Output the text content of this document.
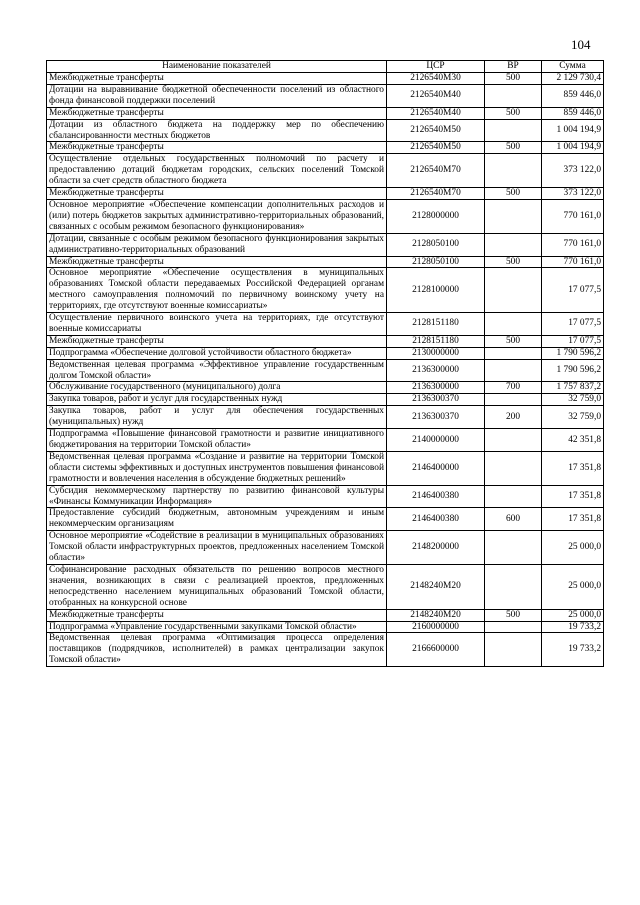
104
Наименование показателей	ЦСР	ВР	Сумма
Межбюджетные трансферты	2126540М30	500	2 129 730,4
Дотации на выравнивание бюджетной обеспеченности поселений из областного фонда финансовой поддержки поселений	2126540М40		859 446,0
Межбюджетные трансферты	2126540М40	500	859 446,0
Дотации из областного бюджета на поддержку мер по обеспечению сбалансированности местных бюджетов	2126540М50		1 004 194,9
Межбюджетные трансферты	2126540М50	500	1 004 194,9
Осуществление отдельных государственных полномочий по расчету и предоставлению дотаций бюджетам городских, сельских поселений Томской области за счет средств областного бюджета	2126540М70		373 122,0
Межбюджетные трансферты	2126540М70	500	373 122,0
Основное мероприятие «Обеспечение компенсации дополнительных расходов и (или) потерь бюджетов закрытых административно-территориальных образований, связанных с особым режимом безопасного функционирования»	2128000000		770 161,0
Дотации, связанные с особым режимом безопасного функционирования закрытых административно-территориальных образований	2128050100		770 161,0
Межбюджетные трансферты	2128050100	500	770 161,0
Основное мероприятие «Обеспечение осуществления в муниципальных образованиях Томской области передаваемых Российской Федерацией органам местного самоуправления полномочий по первичному воинскому учету на территориях, где отсутствуют военные комиссариаты»	2128100000		17 077,5
Осуществление первичного воинского учета на территориях, где отсутствуют военные комиссариаты	2128151180		17 077,5
Межбюджетные трансферты	2128151180	500	17 077,5
Подпрограмма «Обеспечение долговой устойчивости областного бюджета»	2130000000		1 790 596,2
Ведомственная целевая программа «Эффективное управление государственным долгом Томской области»	2136300000		1 790 596,2
Обслуживание государственного (муниципального) долга	2136300000	700	1 757 837,2
Закупка товаров, работ и услуг для государственных нужд	2136300370		32 759,0
Закупка товаров, работ и услуг для обеспечения государственных (муниципальных) нужд	2136300370	200	32 759,0
Подпрограмма «Повышение финансовой грамотности и развитие инициативного бюджетирования на территории Томской области»	2140000000		42 351,8
Ведомственная целевая программа «Создание и развитие на территории Томской области системы эффективных и доступных инструментов повышения финансовой грамотности и вовлечения населения в обсуждение бюджетных решений»	2146400000		17 351,8
Субсидия некоммерческому партнерству по развитию финансовой культуры «Финансы Коммуникации Информация»	2146400380		17 351,8
Предоставление субсидий бюджетным, автономным учреждениям и иным некоммерческим организациям	2146400380	600	17 351,8
Основное мероприятие «Содействие в реализации в муниципальных образованиях Томской области инфраструктурных проектов, предложенных населением Томской области»	2148200000		25 000,0
Софинансирование расходных обязательств по решению вопросов местного значения, возникающих в связи с реализацией проектов, предложенных непосредственно населением муниципальных образований Томской области, отобранных на конкурсной основе	2148240М20		25 000,0
Межбюджетные трансферты	2148240М20	500	25 000,0
Подпрограмма «Управление государственными закупками Томской области»	2160000000		19 733,2
Ведомственная целевая программа «Оптимизация процесса определения поставщиков (подрядчиков, исполнителей) в рамках централизации закупок Томской области»	2166600000		19 733,2
